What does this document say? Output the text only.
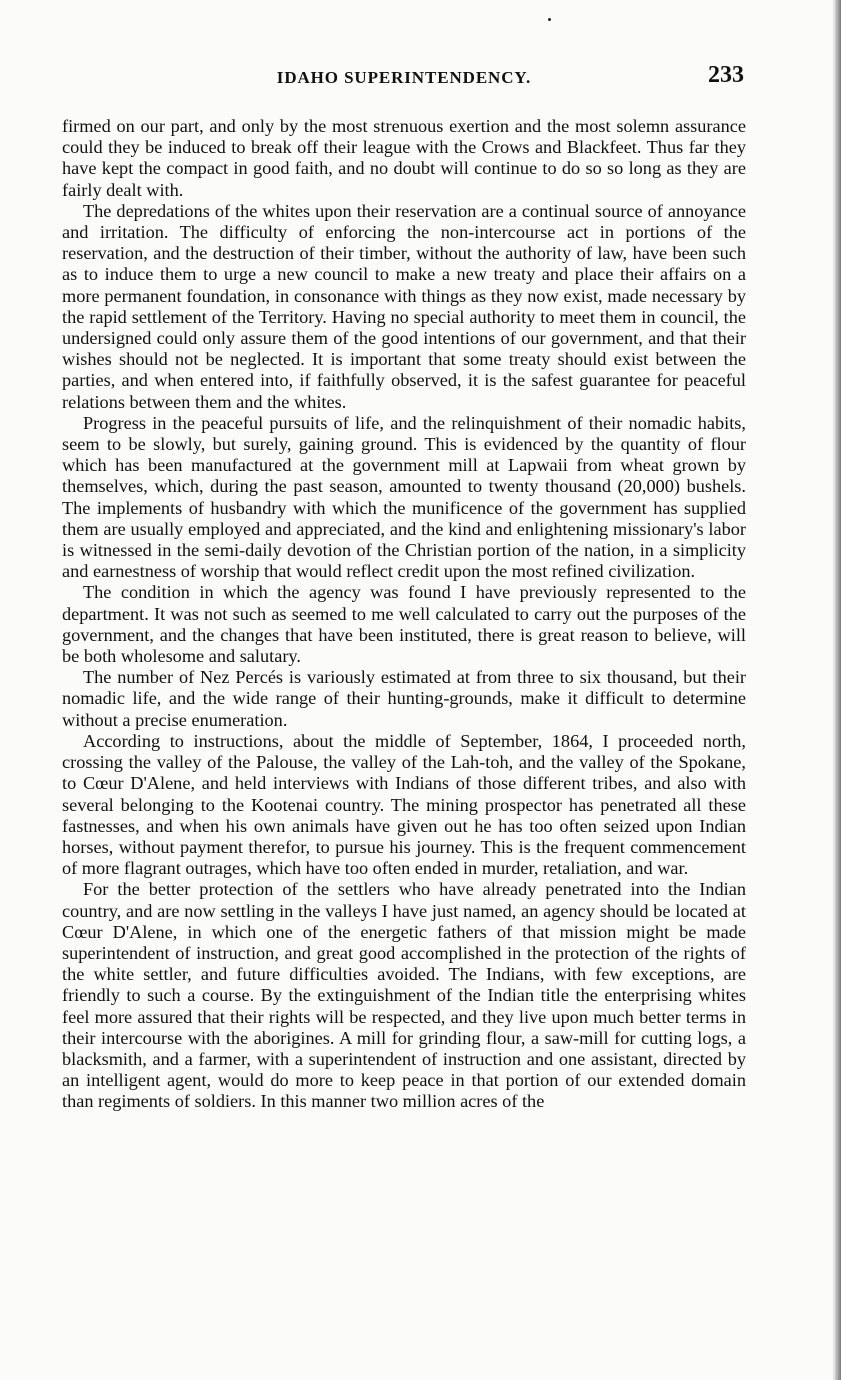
IDAHO SUPERINTENDENCY.	233

firmed on our part, and only by the most strenuous exertion and the most solemn assurance could they be induced to break off their league with the Crows and Blackfeet. Thus far they have kept the compact in good faith, and no doubt will continue to do so so long as they are fairly dealt with.

The depredations of the whites upon their reservation are a continual source of annoyance and irritation. The difficulty of enforcing the non-intercourse act in portions of the reservation, and the destruction of their timber, without the authority of law, have been such as to induce them to urge a new council to make a new treaty and place their affairs on a more permanent foundation, in consonance with things as they now exist, made necessary by the rapid settlement of the Territory. Having no special authority to meet them in council, the undersigned could only assure them of the good intentions of our government, and that their wishes should not be neglected. It is important that some treaty should exist between the parties, and when entered into, if faithfully observed, it is the safest guarantee for peaceful relations between them and the whites.

Progress in the peaceful pursuits of life, and the relinquishment of their nomadic habits, seem to be slowly, but surely, gaining ground. This is evidenced by the quantity of flour which has been manufactured at the government mill at Lapwaii from wheat grown by themselves, which, during the past season, amounted to twenty thousand (20,000) bushels. The implements of husbandry with which the munificence of the government has supplied them are usually employed and appreciated, and the kind and enlightening missionary's labor is witnessed in the semi-daily devotion of the Christian portion of the nation, in a simplicity and earnestness of worship that would reflect credit upon the most refined civilization.

The condition in which the agency was found I have previously represented to the department. It was not such as seemed to me well calculated to carry out the purposes of the government, and the changes that have been instituted, there is great reason to believe, will be both wholesome and salutary.

The number of Nez Percés is variously estimated at from three to six thousand, but their nomadic life, and the wide range of their hunting-grounds, make it difficult to determine without a precise enumeration.

According to instructions, about the middle of September, 1864, I proceeded north, crossing the valley of the Palouse, the valley of the Lah-toh, and the valley of the Spokane, to Cœur D'Alene, and held interviews with Indians of those different tribes, and also with several belonging to the Kootenai country. The mining prospector has penetrated all these fastnesses, and when his own animals have given out he has too often seized upon Indian horses, without payment therefor, to pursue his journey. This is the frequent commencement of more flagrant outrages, which have too often ended in murder, retaliation, and war.

For the better protection of the settlers who have already penetrated into the Indian country, and are now settling in the valleys I have just named, an agency should be located at Cœur D'Alene, in which one of the energetic fathers of that mission might be made superintendent of instruction, and great good accomplished in the protection of the rights of the white settler, and future difficulties avoided. The Indians, with few exceptions, are friendly to such a course. By the extinguishment of the Indian title the enterprising whites feel more assured that their rights will be respected, and they live upon much better terms in their intercourse with the aborigines. A mill for grinding flour, a saw-mill for cutting logs, a blacksmith, and a farmer, with a superintendent of instruction and one assistant, directed by an intelligent agent, would do more to keep peace in that portion of our extended domain than regiments of soldiers. In this manner two million acres of the
